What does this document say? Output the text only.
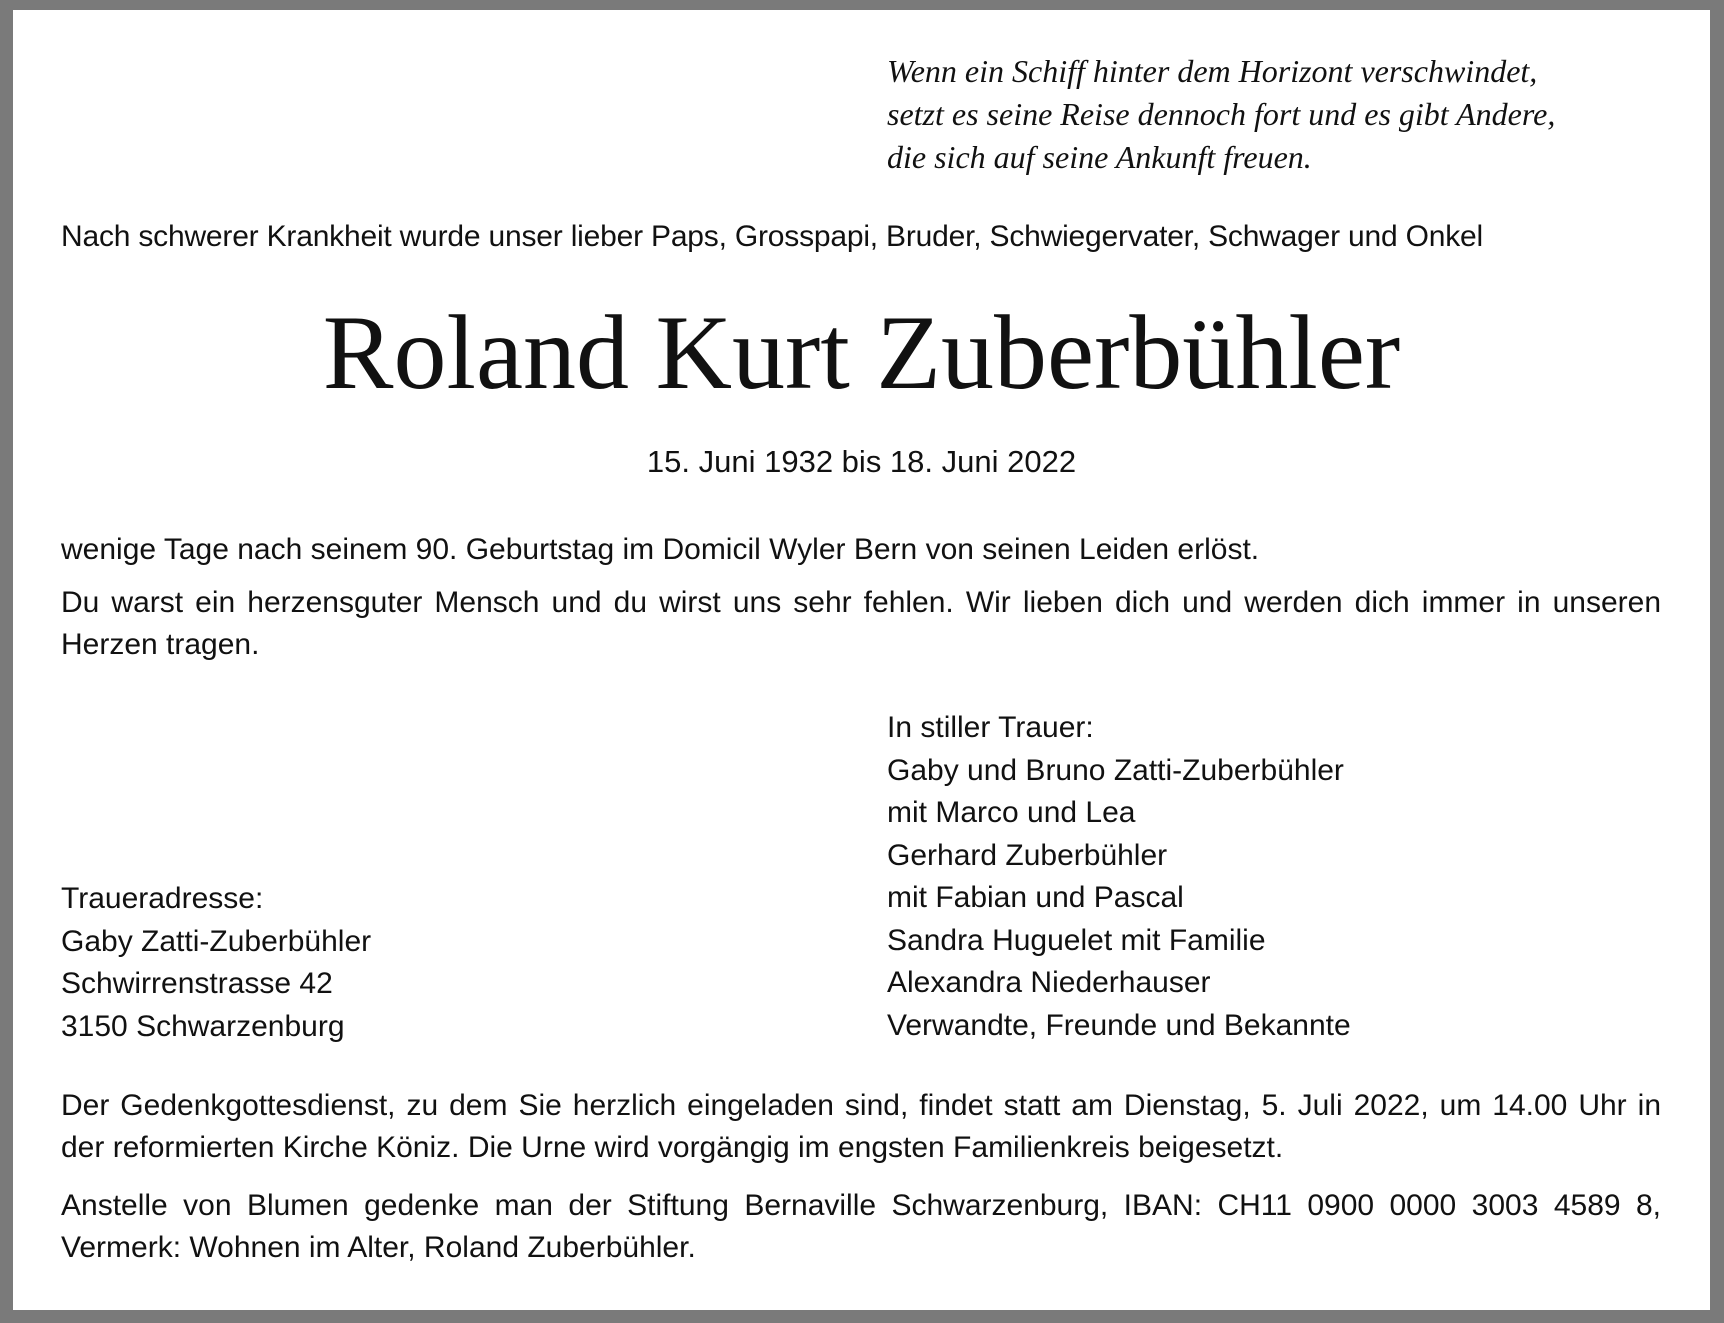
Wenn ein Schiff hinter dem Horizont verschwindet,
setzt es seine Reise dennoch fort und es gibt Andere,
die sich auf seine Ankunft freuen.
Nach schwerer Krankheit wurde unser lieber Paps, Grosspapi, Bruder, Schwiegervater, Schwager und Onkel
Roland Kurt Zuberbühler
15. Juni 1932 bis 18. Juni 2022
wenige Tage nach seinem 90. Geburtstag im Domicil Wyler Bern von seinen Leiden erlöst.
Du warst ein herzensguter Mensch und du wirst uns sehr fehlen. Wir lieben dich und werden dich immer in unseren Herzen tragen.
In stiller Trauer:
Gaby und Bruno Zatti-Zuberbühler
mit Marco und Lea
Gerhard Zuberbühler
mit Fabian und Pascal
Sandra Huguelet mit Familie
Alexandra Niederhauser
Verwandte, Freunde und Bekannte
Traueradresse:
Gaby Zatti-Zuberbühler
Schwirrenstrasse 42
3150 Schwarzenburg
Der Gedenkgottesdienst, zu dem Sie herzlich eingeladen sind, findet statt am Dienstag, 5. Juli 2022, um 14.00 Uhr in der reformierten Kirche Köniz. Die Urne wird vorgängig im engsten Familienkreis beigesetzt.
Anstelle von Blumen gedenke man der Stiftung Bernaville Schwarzenburg, IBAN: CH11 0900 0000 3003 4589 8, Vermerk: Wohnen im Alter, Roland Zuberbühler.
